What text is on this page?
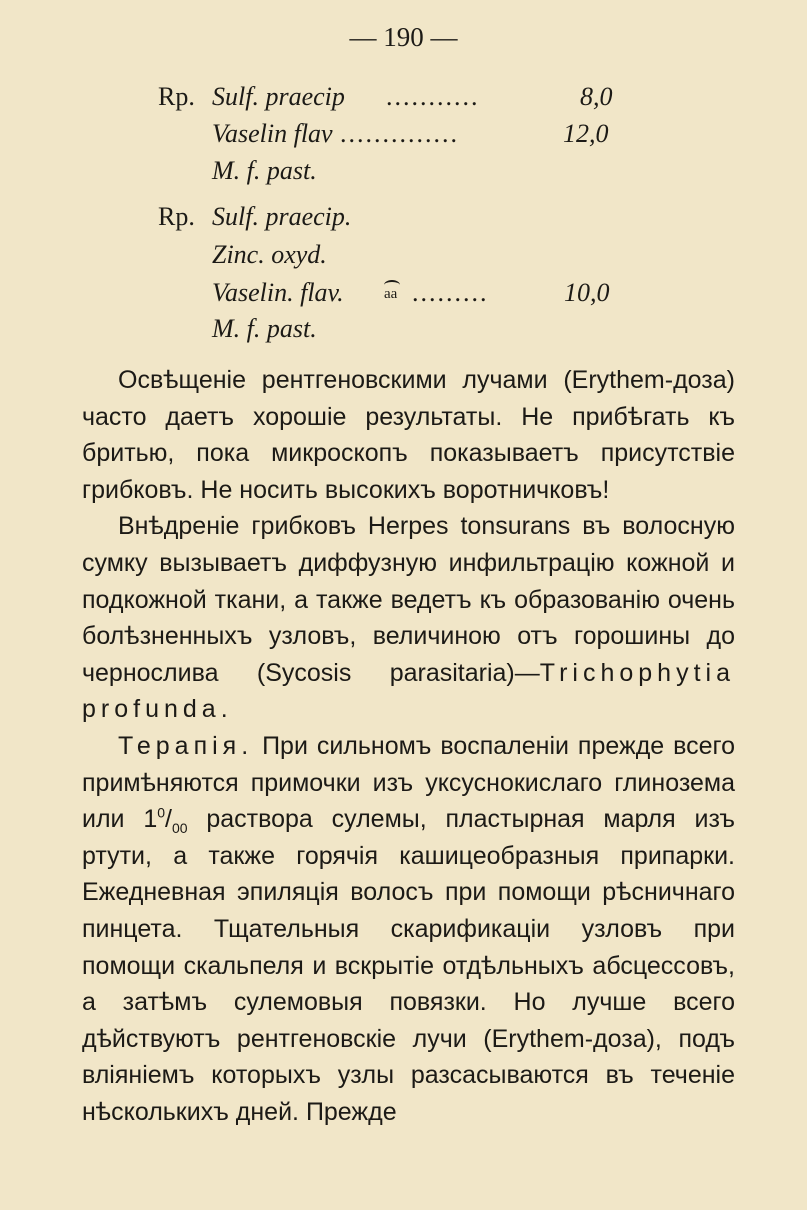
— 190 —
Rp. Sulf. praecip ...........	8,0
Vaselin flav ..............	12,0
M. f. past.
Rp. Sulf. praecip.
Zinc. oxyd.
Vaselin. flav.	aa .........	10,0
M. f. past.

Освѣщеніе рентгеновскими лучами (Erythem-доза) часто даетъ хорошіе результаты. Не прибѣгать къ бритью, пока микроскопъ показываетъ присутствіе грибковъ. Не носить высокихъ воротничковъ!

Внѣдреніе грибковъ Herpes tonsurans въ волосную сумку вызываетъ диффузную инфильтрацію кожной и подкожной ткани, а также ведетъ къ образованію очень болѣзненныхъ узловъ, величиною отъ горошины до чернослива (Sycosis parasitaria)—Trichophytia profunda.

Терапія. При сильномъ воспаленіи прежде всего примѣняются примочки изъ уксуснокислаго глинозема или $1^0/_{00}$ раствора сулемы, пластырная марля изъ ртути, а также горячія кашицеобразныя припарки. Ежедневная эпиляція волосъ при помощи рѣсничнаго пинцета. Тщательныя скарификаціи узловъ при помощи скальпеля и вскрытіе отдѣльныхъ абсцессовъ, а затѣмъ сулемовыя повязки. Но лучше всего дѣйствуютъ рентгеновскіе лучи (Erythem-доза), подъ вліяніемъ которыхъ узлы разсасываются въ теченіе нѣсколькихъ дней. Прежде
